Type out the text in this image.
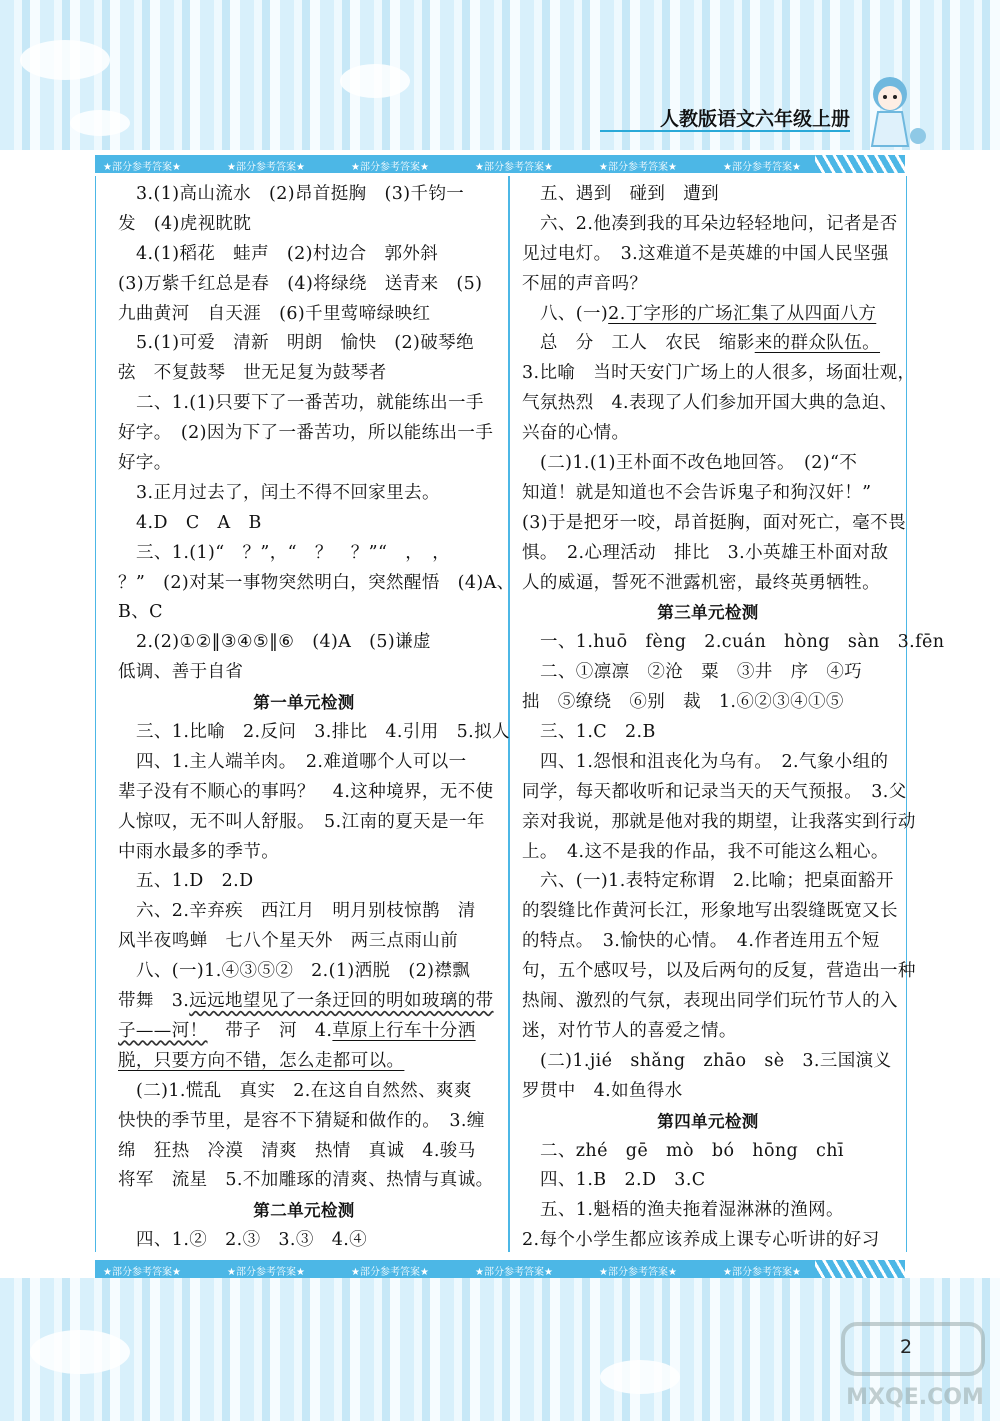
人教版语文六年级上册
★部分参考答案★	★部分参考答案★	★部分参考答案★	★部分参考答案★	★部分参考答案★	★部分参考答案★
3.(1)高山流水　(2)昂首挺胸　(3)千钧一
发　(4)虎视眈眈
4.(1)稻花　蛙声　(2)村边合　郭外斜
(3)万紫千红总是春　(4)将绿绕　送青来　(5)
九曲黄河　自天涯　(6)千里莺啼绿映红
5.(1)可爱　清新　明朗　愉快　(2)破琴绝
弦　不复鼓琴　世无足复为鼓琴者
二、1.(1)只要下了一番苦功，就能练出一手
好字。　(2)因为下了一番苦功，所以能练出一手
好字。
3.正月过去了，闰土不得不回家里去。
4.D　C　A　B
三、1.(1)“　？”，“　？　？”“　，　，
？”　(2)对某一事物突然明白，突然醒悟　(4)A、
B、C
2.(2)①②‖③④⑤‖⑥　(4)A　(5)谦虚
低调、善于自省
第一单元检测
三、1.比喻　2.反问　3.排比　4.引用　5.拟人
四、1.主人端羊肉。　2.难道哪个人可以一
辈子没有不顺心的事吗？　4.这种境界，无不使
人惊叹，无不叫人舒服。　5.江南的夏天是一年
中雨水最多的季节。
五、1.D　2.D
六、2.辛弃疾　西江月　明月别枝惊鹊　清
风半夜鸣蝉　七八个星天外　两三点雨山前
八、(一)1.④③⑤②　2.(1)洒脱　(2)襟飘
带舞　3.远远地望见了一条迂回的明如玻璃的带
子——河！　带子　河　4.草原上行车十分洒
脱，只要方向不错，怎么走都可以。
(二)1.慌乱　真实　2.在这自自然然、爽爽
快快的季节里，是容不下猜疑和做作的。　3.缠
绵　狂热　冷漠　清爽　热情　真诚　4.骏马
将军　流星　5.不加雕琢的清爽、热情与真诚。
第二单元检测
四、1.②　2.③　3.③　4.④
五、遇到　碰到　遭到
六、2.他凑到我的耳朵边轻轻地问，记者是否
见过电灯。　3.这难道不是英雄的中国人民坚强
不屈的声音吗？
八、(一)2.丁字形的广场汇集了从四面八方
　总　分　工人　农民　缩影来的群众队伍。
3.比喻　当时天安门广场上的人很多，场面壮观，
气氛热烈　4.表现了人们参加开国大典的急迫、
兴奋的心情。
(二)1.(1)王朴面不改色地回答。　(2)“不
知道！就是知道也不会告诉鬼子和狗汉奸！”
(3)于是把牙一咬，昂首挺胸，面对死亡，毫不畏
惧。　2.心理活动　排比　3.小英雄王朴面对敌
人的威逼，誓死不泄露机密，最终英勇牺牲。
第三单元检测
一、1.huō　fèng　2.cuán　hòng　sàn　3.fēn
二、①凛凛　②沧　粟　③井　序　④巧
拙　⑤缭绕　⑥别　裁　1.⑥②③④①⑤
三、1.C　2.B
四、1.怨恨和沮丧化为乌有。　2.气象小组的
同学，每天都收听和记录当天的天气预报。　3.父
亲对我说，那就是他对我的期望，让我落实到行动
上。　4.这不是我的作品，我不可能这么粗心。
六、(一)1.表特定称谓　2.比喻；把桌面豁开
的裂缝比作黄河长江，形象地写出裂缝既宽又长
的特点。　3.愉快的心情。　4.作者连用五个短
句，五个感叹号，以及后两句的反复，营造出一种
热闹、激烈的气氛，表现出同学们玩竹节人的入
迷，对竹节人的喜爱之情。
(二)1.jié　shǎng　zhāo　sè　3.三国演义
罗贯中　4.如鱼得水
第四单元检测
二、zhé　gē　mò　bó　hōng　chī
四、1.B　2.D　3.C
五、1.魁梧的渔夫拖着湿淋淋的渔网。
2.每个小学生都应该养成上课专心听讲的好习
★部分参考答案★	★部分参考答案★	★部分参考答案★	★部分参考答案★	★部分参考答案★	★部分参考答案★
2
MXQE.COM
